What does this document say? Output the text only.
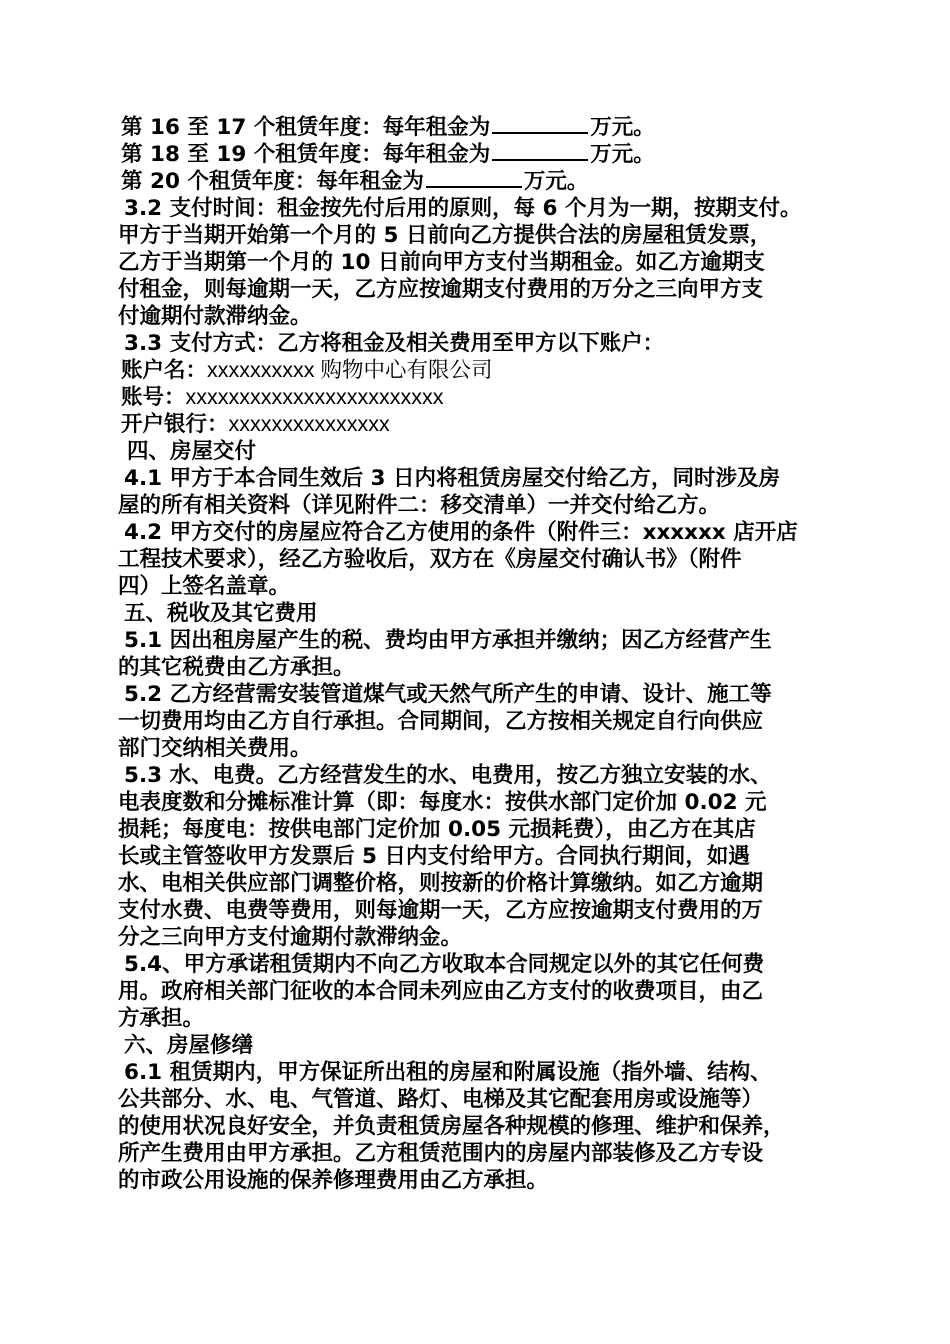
第 16 至 17 个租赁年度：每年租金为	万元。

第 18 至 19 个租赁年度：每年租金为	万元。

第 20 个租赁年度：每年租金为	万元。

3.2 支付时间：租金按先付后用的原则，每 6 个月为一期，按期支付。

甲方于当期开始第一个月的 5 日前向乙方提供合法的房屋租赁发票，

乙方于当期第一个月的 10 日前向甲方支付当期租金。如乙方逾期支

付租金，则每逾期一天，乙方应按逾期支付费用的万分之三向甲方支

付逾期付款滞纳金。

3.3 支付方式：乙方将租金及相关费用至甲方以下账户：

账户名：xxxxxxxxxx 购物中心有限公司

账号：xxxxxxxxxxxxxxxxxxxxxxxx

开户银行：xxxxxxxxxxxxxxx

四、房屋交付

4.1 甲方于本合同生效后 3 日内将租赁房屋交付给乙方，同时涉及房

屋的所有相关资料（详见附件二：移交清单）一并交付给乙方。

4.2 甲方交付的房屋应符合乙方使用的条件（附件三：xxxxxx 店开店

工程技术要求），经乙方验收后，双方在《房屋交付确认书》（附件

四）上签名盖章。

五、税收及其它费用

5.1 因出租房屋产生的税、费均由甲方承担并缴纳；因乙方经营产生

的其它税费由乙方承担。

5.2 乙方经营需安装管道煤气或天然气所产生的申请、设计、施工等

一切费用均由乙方自行承担。合同期间，乙方按相关规定自行向供应

部门交纳相关费用。

5.3 水、电费。乙方经营发生的水、电费用，按乙方独立安装的水、

电表度数和分摊标准计算（即：每度水：按供水部门定价加 0.02 元

损耗；每度电：按供电部门定价加 0.05 元损耗费），由乙方在其店

长或主管签收甲方发票后 5 日内支付给甲方。合同执行期间，如遇

水、电相关供应部门调整价格，则按新的价格计算缴纳。如乙方逾期

支付水费、电费等费用，则每逾期一天，乙方应按逾期支付费用的万

分之三向甲方支付逾期付款滞纳金。

5.4、甲方承诺租赁期内不向乙方收取本合同规定以外的其它任何费

用。政府相关部门征收的本合同未列应由乙方支付的收费项目，由乙

方承担。

六、房屋修缮

6.1 租赁期内，甲方保证所出租的房屋和附属设施（指外墙、结构、

公共部分、水、电、气管道、路灯、电梯及其它配套用房或设施等）

的使用状况良好安全，并负责租赁房屋各种规模的修理、维护和保养，

所产生费用由甲方承担。乙方租赁范围内的房屋内部装修及乙方专设

的市政公用设施的保养修理费用由乙方承担。
